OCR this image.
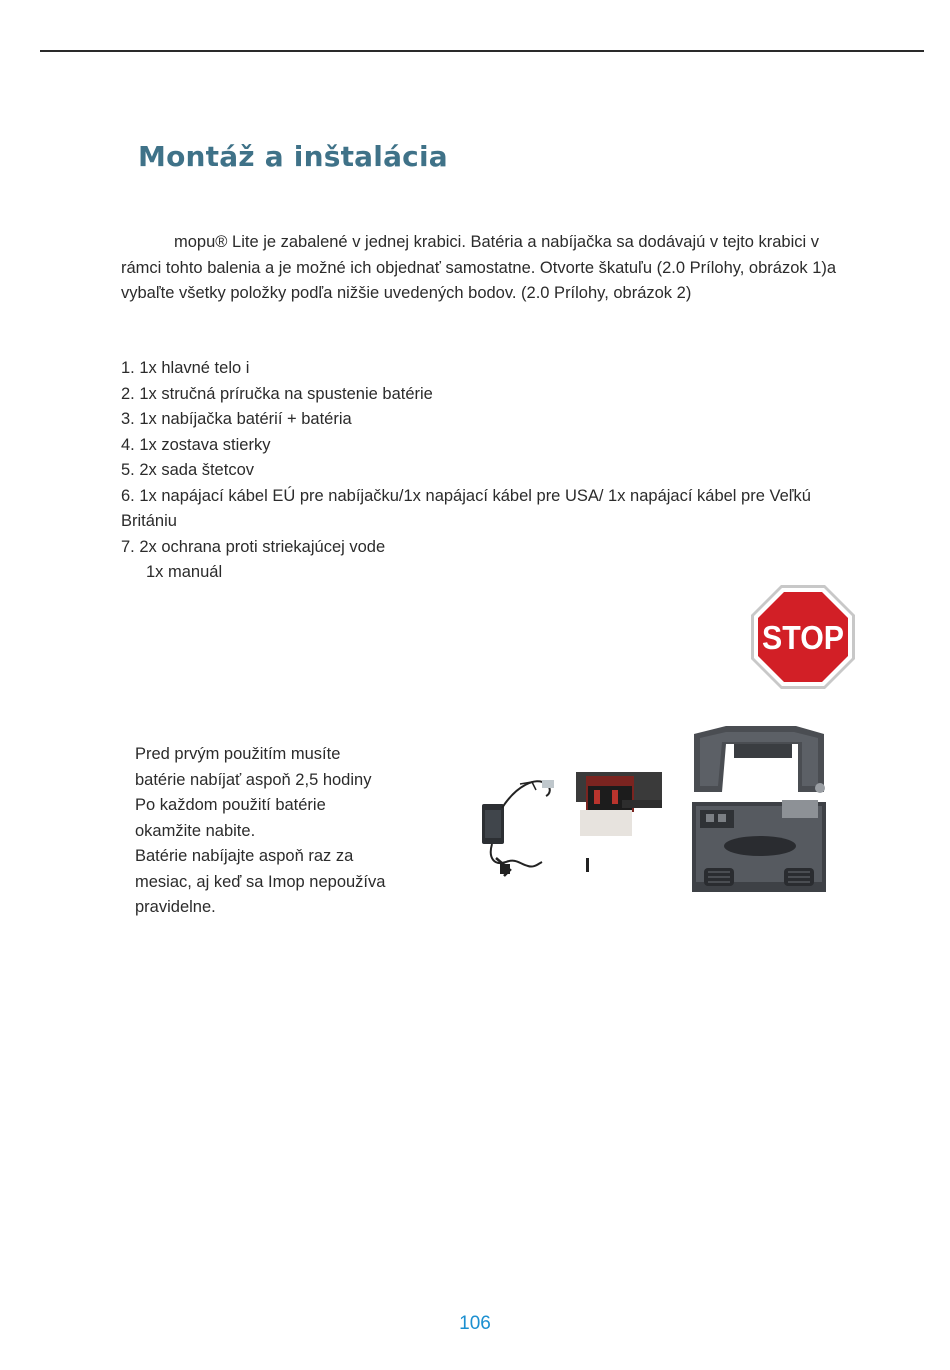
Montáž a inštalácia

mopu® Lite je zabalené v jednej krabici. Batéria a nabíjačka sa dodávajú v tejto krabici v rámci tohto balenia a je možné ich objednať samostatne. Otvorte škatuľu (2.0 Prílohy, obrázok 1)a vybaľte všetky položky podľa nižšie uvedených bodov. (2.0 Prílohy, obrázok 2)

1. 1x hlavné telo i
2. 1x stručná príručka na spustenie batérie
3. 1x nabíjačka batérií + batéria
4. 1x zostava stierky
5. 2x sada štetcov
6. 1x napájací kábel EÚ pre nabíjačku/1x napájací kábel pre USA/ 1x napájací kábel pre Veľkú Britániu
7. 2x ochrana proti striekajúcej vode
1x manuál
STOP

Pred prvým použitím musíte
batérie nabíjať aspoň 2,5 hodiny
Po každom použití batérie
okamžite nabite.
Batérie nabíjajte aspoň raz za
mesiac, aj keď sa Imop nepoužíva
pravidelne.

106
